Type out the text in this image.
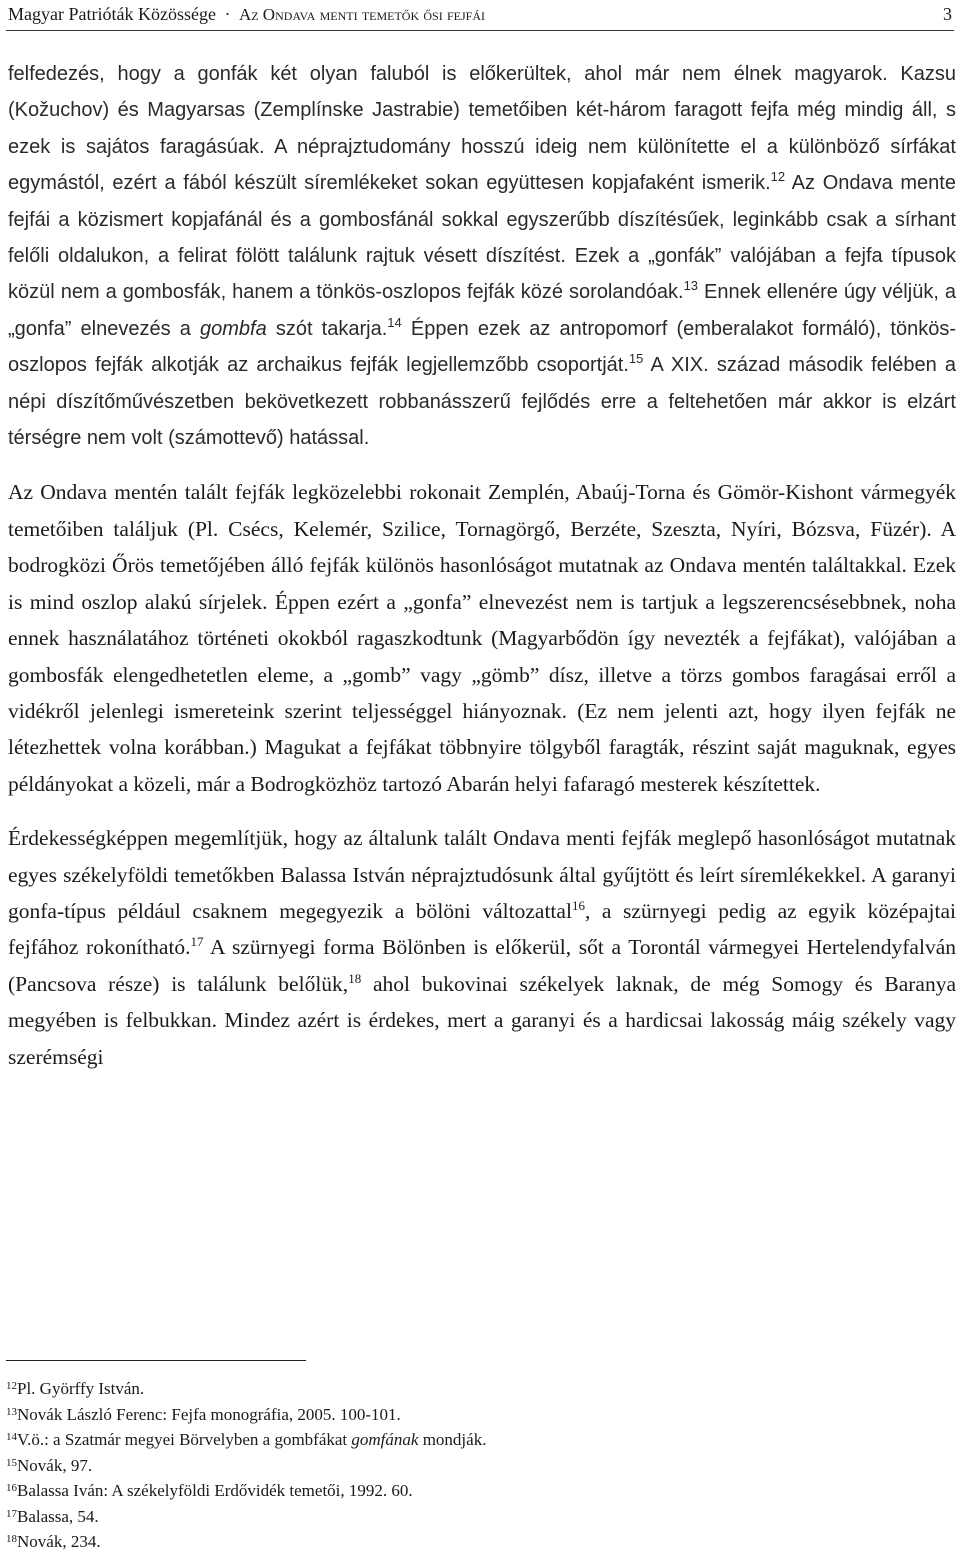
Magyar Patrióták Közössége · Az Ondava menti temetők ősi fejfái	3

felfedezés, hogy a gonfák két olyan faluból is előkerültek, ahol már nem élnek magyarok. Kazsu (Kožuchov) és Magyarsas (Zemplínske Jastrabie) temetőiben két-három faragott fejfa még mindig áll, s ezek is sajátos faragásúak. A néprajztudomány hosszú ideig nem különítette el a különböző sírfákat egymástól, ezért a fából készült síremlékeket sokan együttesen kopjafaként ismerik.$^{12}$ Az Ondava mente fejfái a közismert kopjafánál és a gombosfánál sokkal egyszerűbb díszítésűek, leginkább csak a sírhant felőli oldalukon, a felirat fölött találunk rajtuk vésett díszítést. Ezek a „gonfák” valójában a fejfa típusok közül nem a gombosfák, hanem a tönkös-oszlopos fejfák közé sorolandóak.$^{13}$ Ennek ellenére úgy véljük, a „gonfa” elnevezés a gombfa szót takarja.$^{14}$ Éppen ezek az antropomorf (emberalakot formáló), tönkös-oszlopos fejfák alkotják az archaikus fejfák legjellemzőbb csoportját.$^{15}$ A XIX. század második felében a népi díszítőművészetben bekövetkezett robbanásszerű fejlődés erre a feltehetően már akkor is elzárt térségre nem volt (számottevő) hatással.

Az Ondava mentén talált fejfák legközelebbi rokonait Zemplén, Abaúj-Torna és Gömör-Kishont vármegyék temetőiben találjuk (Pl. Csécs, Kelemér, Szilice, Tornagörgő, Berzéte, Szeszta, Nyíri, Bózsva, Füzér). A bodrogközi Őrös temetőjében álló fejfák különös hasonlóságot mutatnak az Ondava mentén találtakkal. Ezek is mind oszlop alakú sírjelek. Éppen ezért a „gonfa” elnevezést nem is tartjuk a legszerencsésebbnek, noha ennek használatához történeti okokból ragaszkodtunk (Magyarbődön így nevezték a fejfákat), valójában a gombosfák elengedhetetlen eleme, a „gomb” vagy „gömb” dísz, illetve a törzs gombos faragásai erről a vidékről jelenlegi ismereteink szerint teljességgel hiányoznak. (Ez nem jelenti azt, hogy ilyen fejfák ne létezhettek volna korábban.) Magukat a fejfákat többnyire tölgyből faragták, részint saját maguknak, egyes példányokat a közeli, már a Bodrogközhöz tartozó Abarán helyi fafaragó mesterek készítettek.

Érdekességképpen megemlítjük, hogy az általunk talált Ondava menti fejfák meglepő hasonlóságot mutatnak egyes székelyföldi temetőkben Balassa István néprajztudósunk által gyűjtött és leírt síremlékekkel. A garanyi gonfa-típus például csaknem megegyezik a bölöni változattal$^{16}$, a szürnyegi pedig az egyik középajtai fejfához rokonítható.$^{17}$ A szürnyegi forma Bölönben is előkerül, sőt a Torontál vármegyei Hertelendyfalván (Pancsova része) is találunk belőlük,$^{18}$ ahol bukovinai székelyek laknak, de még Somogy és Baranya megyében is felbukkan. Mindez azért is érdekes, mert a garanyi és a hardicsai lakosság máig székely vagy szerémségi

$^{12}$Pl. Györffy István.
$^{13}$Novák László Ferenc: Fejfa monográfia, 2005. 100-101.
$^{14}$V.ö.: a Szatmár megyei Börvelyben a gombfákat gomfának mondják.
$^{15}$Novák, 97.
$^{16}$Balassa Iván: A székelyföldi Erdővidék temetői, 1992. 60.
$^{17}$Balassa, 54.
$^{18}$Novák, 234.
